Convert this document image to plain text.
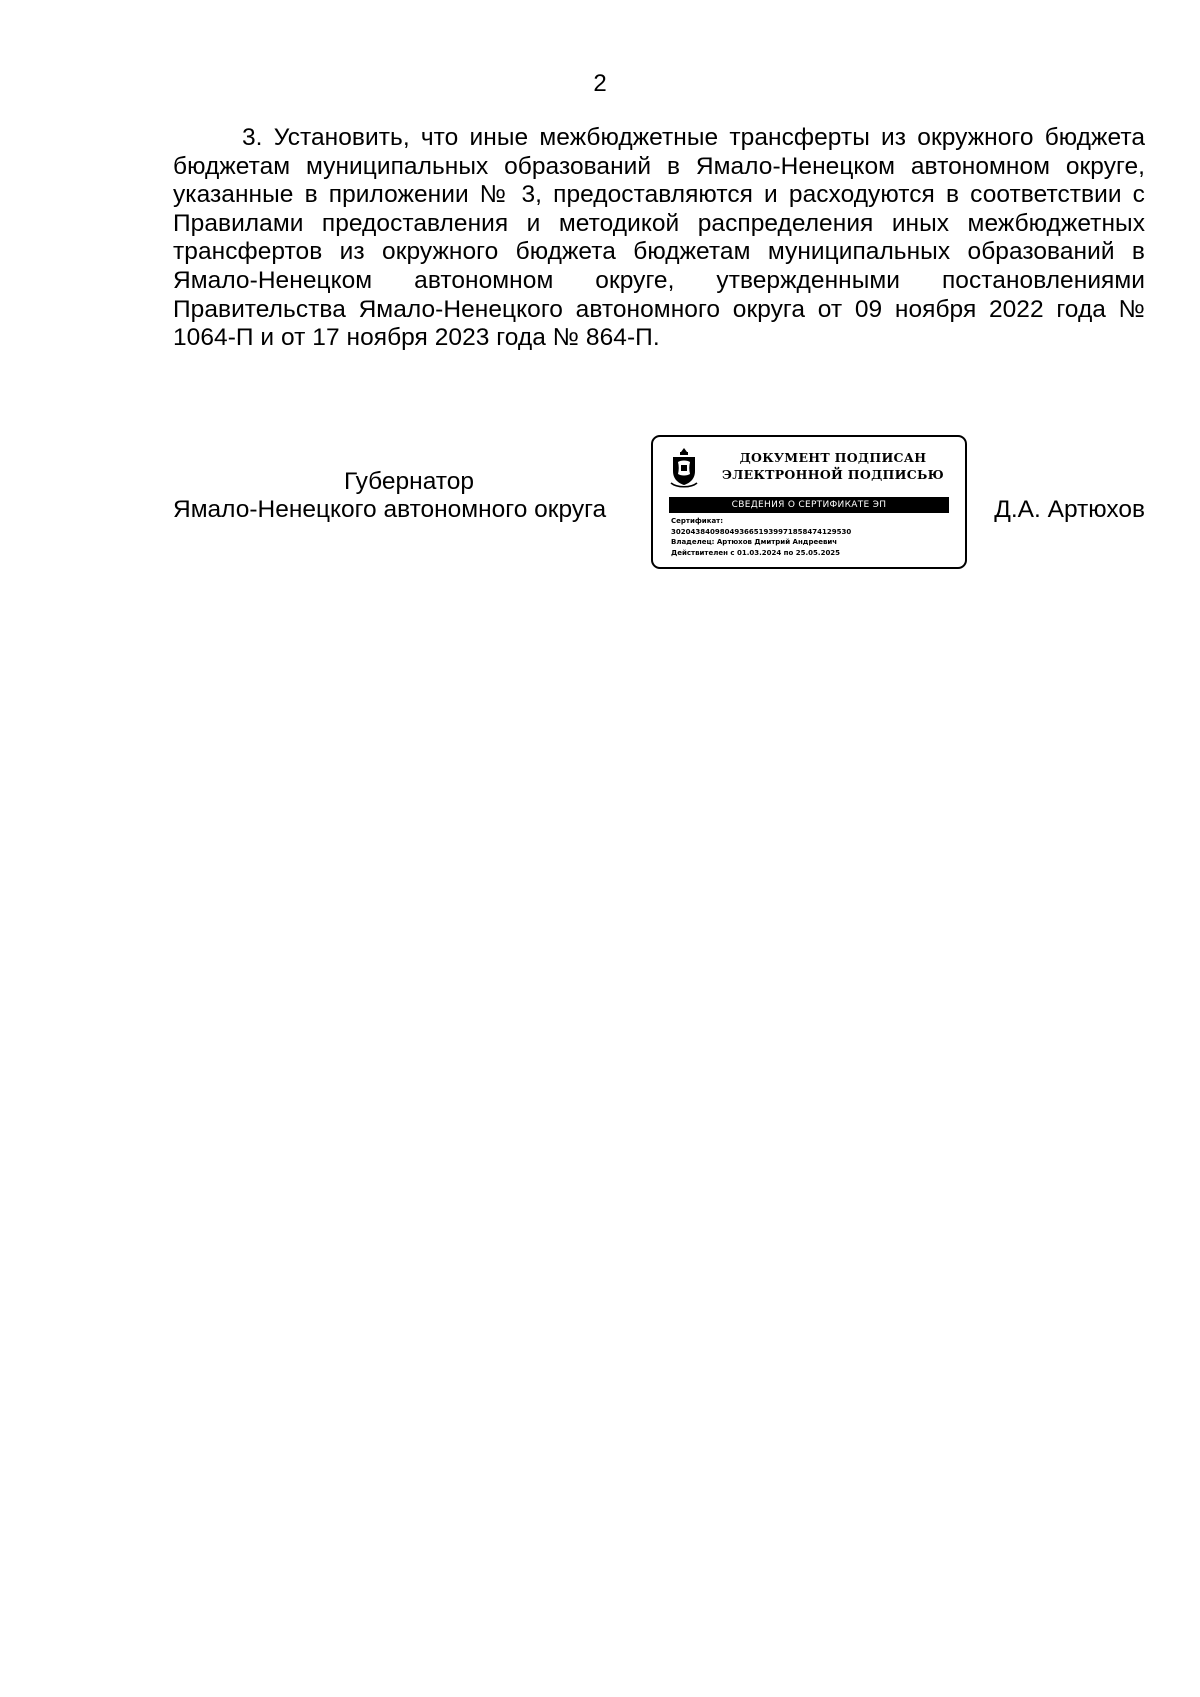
2

3. Установить, что иные межбюджетные трансферты из окружного бюджета бюджетам муниципальных образований в Ямало-Ненецком автономном округе, указанные в приложении № 3, предоставляются и расходуются в соответствии с Правилами предоставления и методикой распределения иных межбюджетных трансфертов из окружного бюджета бюджетам муниципальных образований в Ямало-Ненецком автономном округе, утвержденными постановлениями Правительства Ямало-Ненецкого автономного округа от 09 ноября 2022 года № 1064-П и от 17 ноября 2023 года № 864-П.

Губернатор
Ямало-Ненецкого автономного округа
ДОКУМЕНТ ПОДПИСАН
ЭЛЕКТРОННОЙ ПОДПИСЬЮ
СВЕДЕНИЯ О СЕРТИФИКАТЕ ЭП
Сертификат:
3020438409804936651939971858474129530
Владелец: Артюхов Дмитрий Андреевич
Действителен с 01.03.2024 по 25.05.2025
Д.А. Артюхов
